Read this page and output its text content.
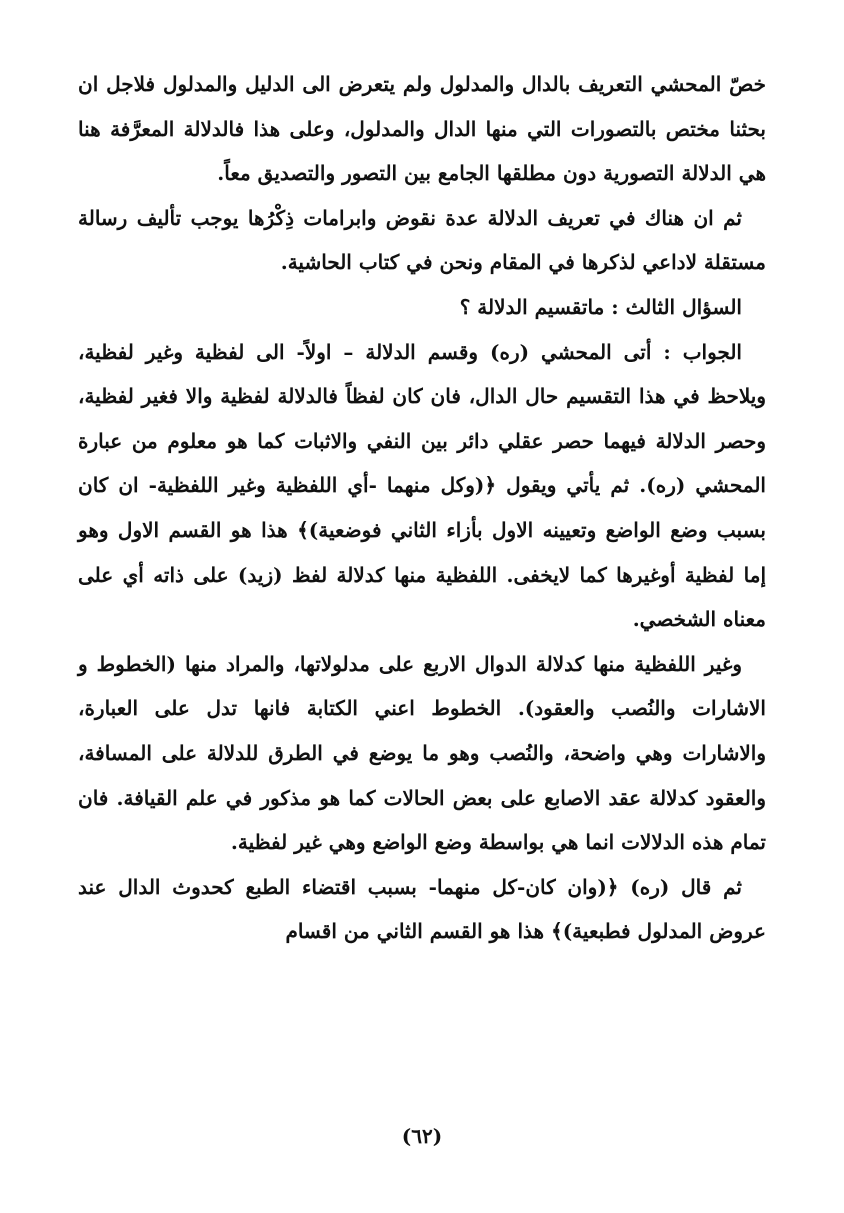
خصّ المحشي التعريف بالدال والمدلول ولم يتعرض الى الدليل والمدلول فلاجل ان بحثنا مختص بالتصورات التي منها الدال والمدلول، وعلى هذا فالدلالة المعرَّفة هنا هي الدلالة التصورية دون مطلقها الجامع بين التصور والتصديق معاً.

ثم ان هناك في تعريف الدلالة عدة نقوض وابرامات ذِكْرُها يوجب تأليف رسالة مستقلة لاداعي لذكرها في المقام ونحن في كتاب الحاشية.

السؤال الثالث : ماتقسيم الدلالة ؟

الجواب : أتى المحشي (ره) وقسم الدلالة – اولاً- الى لفظية وغير لفظية، ويلاحظ في هذا التقسيم حال الدال، فان كان لفظاً فالدلالة لفظية والا فغير لفظية، وحصر الدلالة فيهما حصر عقلي دائر بين النفي والاثبات كما هو معلوم من عبارة المحشي (ره). ثم يأتي ويقول ﴿(وكل منهما -أي اللفظية وغير اللفظية- ان كان بسبب وضع الواضع وتعيينه الاول بأزاء الثاني فوضعية)﴾ هذا هو القسم الاول وهو إما لفظية أوغيرها كما لايخفى. اللفظية منها كدلالة لفظ (زيد) على ذاته أي على معناه الشخصي.

وغير اللفظية منها كدلالة الدوال الاربع على مدلولاتها، والمراد منها (الخطوط و الاشارات والنُصب والعقود). الخطوط اعني الكتابة فانها تدل على العبارة، والاشارات وهي واضحة، والنُصب وهو ما يوضع في الطرق للدلالة على المسافة، والعقود كدلالة عقد الاصابع على بعض الحالات كما هو مذكور في علم القيافة. فان تمام هذه الدلالات انما هي بواسطة وضع الواضع وهي غير لفظية.

ثم قال (ره) ﴿(وان كان-كل منهما- بسبب اقتضاء الطبع كحدوث الدال عند عروض المدلول فطبعية)﴾ هذا هو القسم الثاني من اقسام

(٦٢)
